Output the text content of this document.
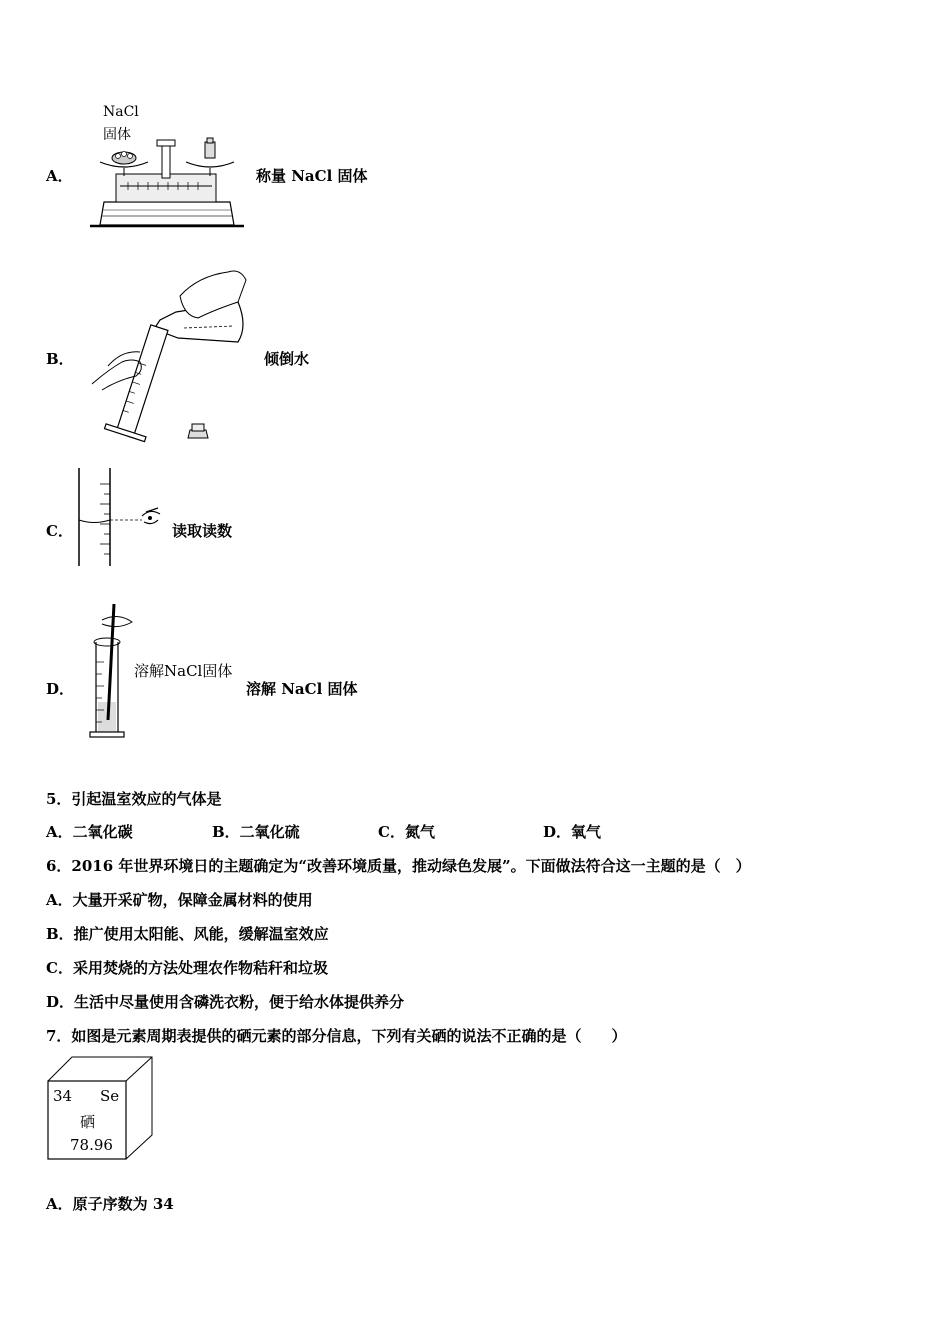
A．
NaCl
固体
称量 NaCl 固体
B．	倾倒水
C．	读取读数
D．
溶解NaCl固体
溶解 NaCl 固体
5．引起温室效应的气体是
A．二氧化碳	B．二氧化硫	C．氮气	D．氧气
6．2016 年世界环境日的主题确定为“改善环境质量，推动绿色发展”。下面做法符合这一主题的是（　）
A．大量开采矿物，保障金属材料的使用
B．推广使用太阳能、风能，缓解温室效应
C．采用焚烧的方法处理农作物秸秆和垃圾
D．生活中尽量使用含磷洗衣粉，便于给水体提供养分
7．如图是元素周期表提供的硒元素的部分信息，下列有关硒的说法不正确的是（　　）
34 Se
硒
78.96
A．原子序数为 34
